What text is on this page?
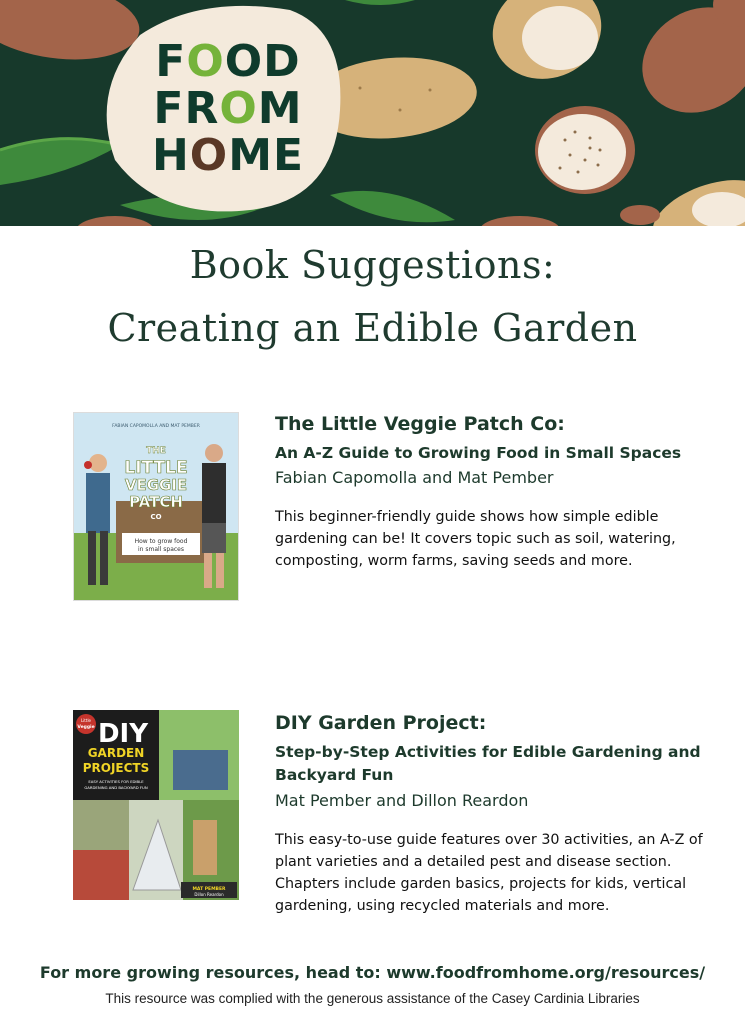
FOOD
FROM
HOME
Book Suggestions:
Creating an Edible Garden
FABIAN CAPOMOLLA AND MAT PEMBER
THE
LITTLE
VEGGIE
PATCH
CO
How to grow food
in small spaces
The Little Veggie Patch Co:
An A-Z Guide to Growing Food in Small Spaces
Fabian Capomolla and Mat Pember
This beginner-friendly guide shows how simple edible gardening can be! It covers topic such as soil, watering, composting, worm farms, saving seeds and more.
Little
Veggie DIY
GARDEN
PROJECTS
EASY ACTIVITIES FOR EDIBLE
GARDENING AND BACKYARD FUN
MAT PEMBER
Dillon Reardon
DIY Garden Project:
Step-by-Step Activities for Edible Gardening and Backyard Fun
Mat Pember and Dillon Reardon
This easy-to-use guide features over 30 activities, an A-Z of plant varieties and a detailed pest and disease section. Chapters include garden basics, projects for kids, vertical gardening, using recycled materials and more.
For more growing resources, head to: www.foodfromhome.org/resources/
This resource was complied with the generous assistance of the Casey Cardinia Libraries
